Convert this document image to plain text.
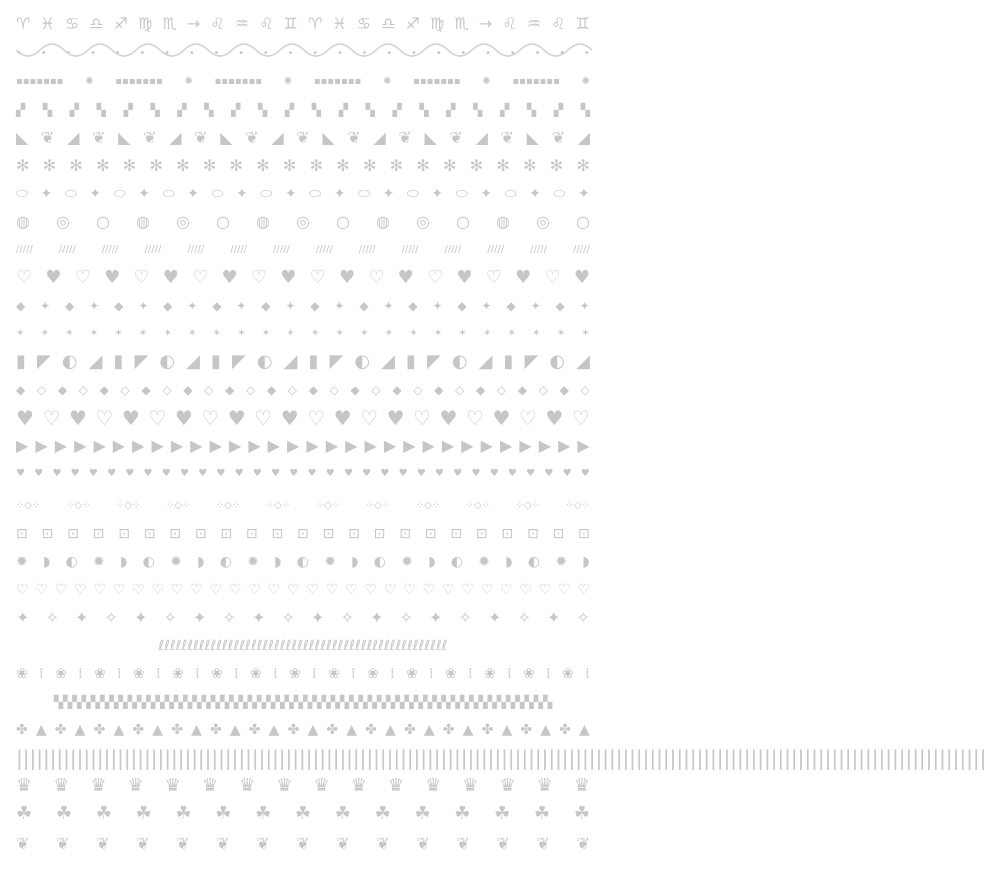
♈ ♓ ♋ ♎ ♐ ♍ ♏ → ♌ ♒ ♌ ♊ ♈ ♓ ♋ ♎ ♐ ♍ ♏ → ♌ ♒ ♌ ♊
• • • • • • • • • • • • • • • • • • • • • • • •
▪▪▪▪▪▪▪ ✺ ▪▪▪▪▪▪▪ ✺ ▪▪▪▪▪▪▪ ✺ ▪▪▪▪▪▪▪ ✺ ▪▪▪▪▪▪▪ ✺ ▪▪▪▪▪▪▪ ✺
▞ ▚ ▞ ▚ ▞ ▚ ▞ ▚ ▞ ▚ ▞ ▚ ▞ ▚ ▞ ▚ ▞ ▚ ▞ ▚ ▞ ▚
◣ ❦ ◢ ❦ ◣ ❦ ◢ ❦ ◣ ❦ ◢ ❦ ◣ ❦ ◢ ❦ ◣ ❦ ◢ ❦ ◣ ❦ ◢
✻ ✻ ✻ ✻ ✻ ✻ ✻ ✻ ✻ ✻ ✻ ✻ ✻ ✻ ✻ ✻ ✻ ✻ ✻ ✻ ✻ ✻
⬭ ✦ ⬭ ✦ ⬭ ✦ ⬭ ✦ ⬭ ✦ ⬭ ✦ ⬭ ✦ ⬭ ✦ ⬭ ✦ ⬭ ✦ ⬭ ✦ ⬭ ✦
◍ ◎ ○ ◍ ◎ ○ ◍ ◎ ○ ◍ ◎ ○ ◍ ◎ ○
/////	/////	/////	/////	/////	/////	/////	/////	/////	/////	/////	/////	/////	/////
♡ ♥ ♡ ♥ ♡ ♥ ♡ ♥ ♡ ♥ ♡ ♥ ♡ ♥ ♡ ♥ ♡ ♥ ♡ ♥
◆ ✦ ◆ ✦ ◆ ✦ ◆ ✦ ◆ ✦ ◆ ✦ ◆ ✦ ◆ ✦ ◆ ✦ ◆ ✦ ◆ ✦ ◆ ✦
✶ ✶ ✶ ✶ ✶ ✶ ✶ ✶ ✶ ✶ ✶ ✶ ✶ ✶ ✶ ✶ ✶ ✶ ✶ ✶ ✶ ✶ ✶ ✶
▮ ◤ ◐ ◢ ▮ ◤ ◐ ◢ ▮ ◤ ◐ ◢ ▮ ◤ ◐ ◢ ▮ ◤ ◐ ◢ ▮ ◤ ◐ ◢
◆ ◇ ◆ ◇ ◆ ◇ ◆ ◇ ◆ ◇ ◆ ◇ ◆ ◇ ◆ ◇ ◆ ◇ ◆ ◇ ◆ ◇ ◆ ◇ ◆ ◇ ◆ ◇
♥ ♡ ♥ ♡ ♥ ♡ ♥ ♡ ♥ ♡ ♥ ♡ ♥ ♡ ♥ ♡ ♥ ♡ ♥ ♡ ♥ ♡
▶ ▶ ▶ ▶ ▶ ▶ ▶ ▶ ▶ ▶ ▶ ▶ ▶ ▶ ▶ ▶ ▶ ▶ ▶ ▶ ▶ ▶ ▶ ▶ ▶ ▶ ▶ ▶ ▶ ▶
♥ ♥ ♥ ♥ ♥ ♥ ♥ ♥ ♥ ♥ ♥ ♥ ♥ ♥ ♥ ♥ ♥ ♥ ♥ ♥ ♥ ♥ ♥ ♥ ♥ ♥ ♥ ♥ ♥ ♥ ♥ ♥
⁘◇⁘	⁘◇⁘	⁘◇⁘	⁘◇⁘	⁘◇⁘	⁘◇⁘	⁘◇⁘	⁘◇⁘	⁘◇⁘	⁘◇⁘	⁘◇⁘	⁘◇⁘
⊡ ⊡ ⊡ ⊡ ⊡ ⊡ ⊡ ⊡ ⊡ ⊡ ⊡ ⊡ ⊡ ⊡ ⊡ ⊡ ⊡ ⊡ ⊡ ⊡ ⊡ ⊡ ⊡
✹ ◗ ◐ ✹ ◗ ◐ ✹ ◗ ◐ ✹ ◗ ◐ ✹ ◗ ◐ ✹ ◗ ◐ ✹ ◗ ◐ ✹ ◗
♡ ♡ ♡ ♡ ♡ ♡ ♡ ♡ ♡ ♡ ♡ ♡ ♡ ♡ ♡ ♡ ♡ ♡ ♡ ♡ ♡ ♡ ♡ ♡ ♡ ♡ ♡ ♡ ♡ ♡
✦ ✧ ✦ ✧ ✦ ✧ ✦ ✧ ✦ ✧ ✦ ✧ ✦ ✧ ✦ ✧ ✦ ✧ ✦ ✧
ℓℓℓℓℓℓℓℓℓℓℓℓℓℓℓℓℓℓℓℓℓℓℓℓℓℓℓℓℓℓℓℓℓℓℓℓℓℓℓℓℓℓℓℓℓℓℓℓℓℓ
❀ ⁞ ❀ ⁞ ❀ ⁞ ❀ ⁞ ❀ ⁞ ❀ ⁞ ❀ ⁞ ❀ ⁞ ❀ ⁞ ❀ ⁞ ❀ ⁞ ❀ ⁞ ❀ ⁞ ❀ ⁞ ❀ ⁞
▚▚▚▚▚▚▚▚▚▚▚▚▚▚▚▚▚▚▚▚▚▚▚▚▚▚▚▚▚▚▚▚▚▚▚▚▚▚▚▚▚▚▚▚▚▚▚▚▚▚▚▚▚▚
✤ ▲ ✤ ▲ ✤ ▲ ✤ ▲ ✤ ▲ ✤ ▲ ✤ ▲ ✤ ▲ ✤ ▲ ✤ ▲ ✤ ▲ ✤ ▲ ✤ ▲ ✤ ▲ ✤ ▲
||||||||||||||||||||||||||||||||||||||||||||||||||||||||||||||||||||||||||||||||||||||||||||||||||||||||||||||||||||||||||||||||||||||||||||||||
♛ ♛ ♛ ♛ ♛ ♛ ♛ ♛ ♛ ♛ ♛ ♛ ♛ ♛ ♛ ♛
☘ ☘ ☘ ☘ ☘ ☘ ☘ ☘ ☘ ☘ ☘ ☘ ☘ ☘ ☘
❦ ❦ ❦ ❦ ❦ ❦ ❦ ❦ ❦ ❦ ❦ ❦ ❦ ❦ ❦
